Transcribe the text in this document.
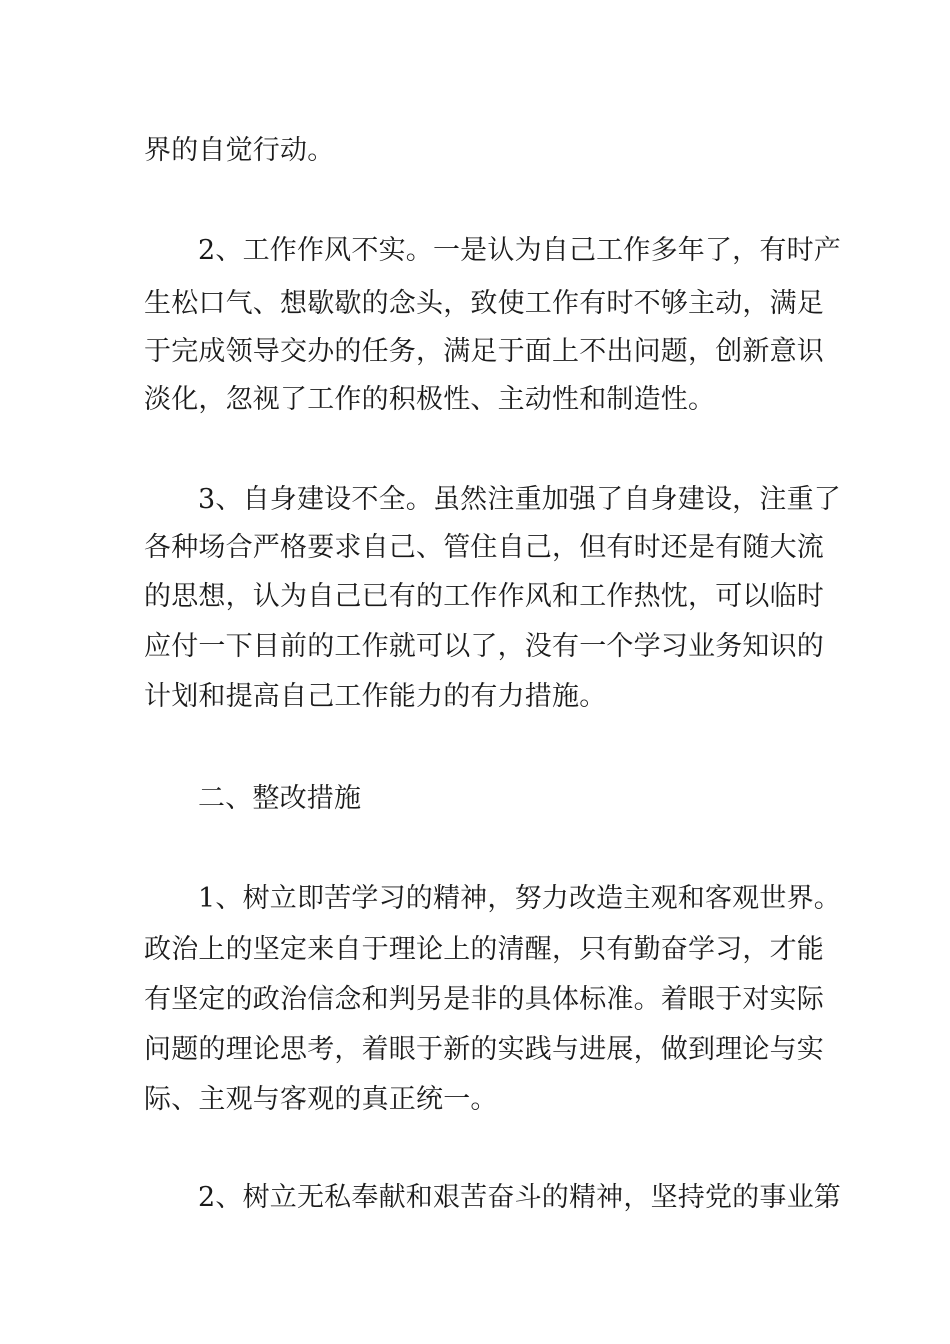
界的自觉行动。
2、工作作风不实。一是认为自己工作多年了，有时产
生松口气、想歇歇的念头，致使工作有时不够主动，满足
于完成领导交办的任务，满足于面上不出问题，创新意识
淡化，忽视了工作的积极性、主动性和制造性。
3、自身建设不全。虽然注重加强了自身建设，注重了
各种场合严格要求自己、管住自己，但有时还是有随大流
的思想，认为自己已有的工作作风和工作热忱，可以临时
应付一下目前的工作就可以了，没有一个学习业务知识的
计划和提高自己工作能力的有力措施。
二、整改措施
1、树立即苦学习的精神，努力改造主观和客观世界。
政治上的坚定来自于理论上的清醒，只有勤奋学习，才能
有坚定的政治信念和判另是非的具体标准。着眼于对实际
问题的理论思考，着眼于新的实践与进展，做到理论与实
际、主观与客观的真正统一。
2、树立无私奉献和艰苦奋斗的精神，坚持党的事业第
